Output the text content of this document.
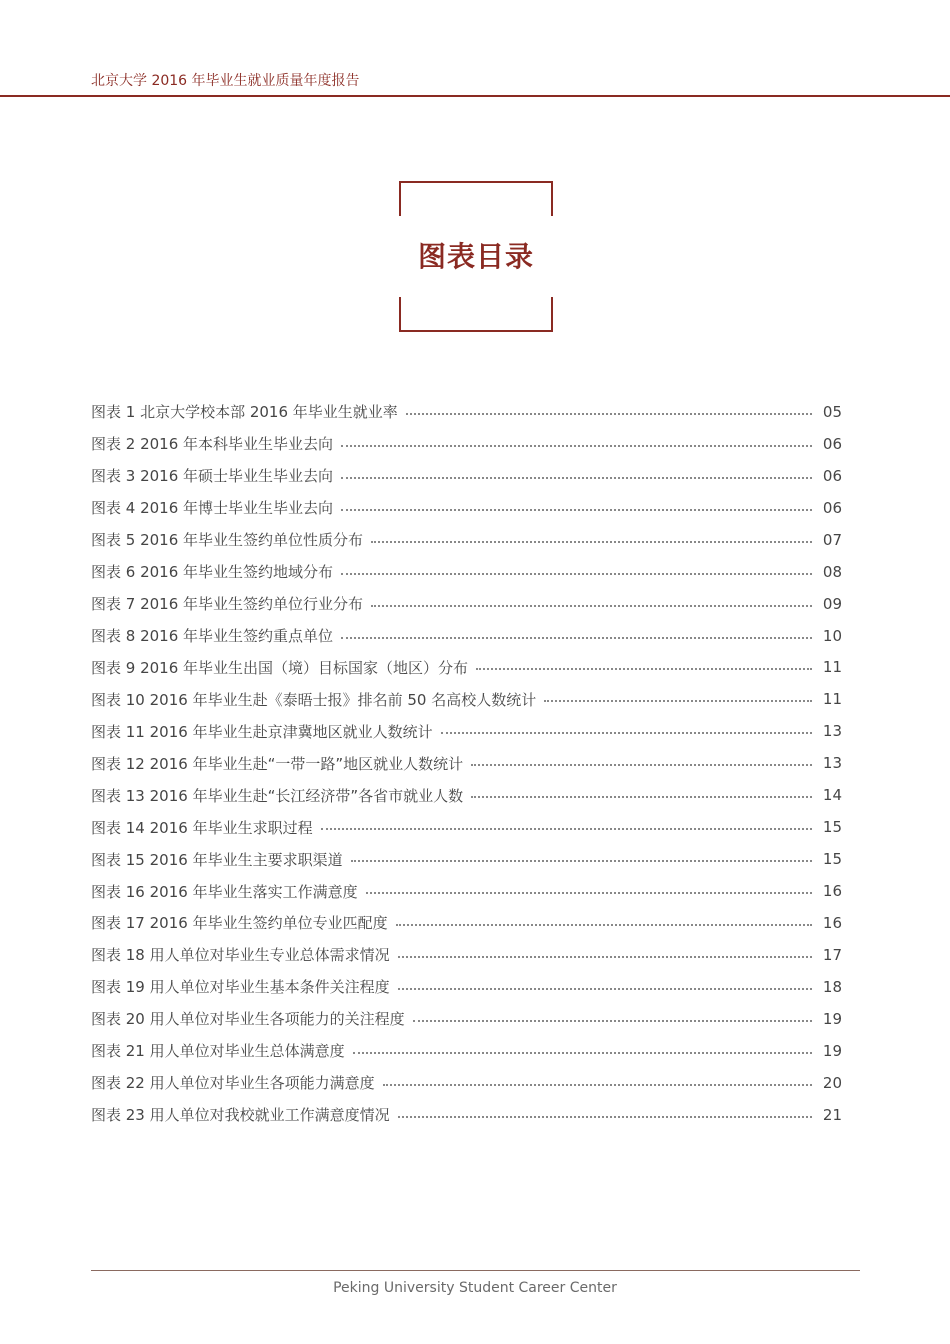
北京大学 2016 年毕业生就业质量年度报告
图表目录
图表 1 北京大学校本部 2016 年毕业生就业率	05
图表 2 2016 年本科毕业生毕业去向	06
图表 3 2016 年硕士毕业生毕业去向	06
图表 4 2016 年博士毕业生毕业去向	06
图表 5 2016 年毕业生签约单位性质分布	07
图表 6 2016 年毕业生签约地域分布	08
图表 7 2016 年毕业生签约单位行业分布	09
图表 8 2016 年毕业生签约重点单位	10
图表 9 2016 年毕业生出国（境）目标国家（地区）分布	11
图表 10 2016 年毕业生赴《泰晤士报》排名前 50 名高校人数统计	11
图表 11 2016 年毕业生赴京津冀地区就业人数统计	13
图表 12 2016 年毕业生赴“一带一路”地区就业人数统计	13
图表 13 2016 年毕业生赴“长江经济带”各省市就业人数	14
图表 14 2016 年毕业生求职过程	15
图表 15 2016 年毕业生主要求职渠道	15
图表 16 2016 年毕业生落实工作满意度	16
图表 17 2016 年毕业生签约单位专业匹配度	16
图表 18 用人单位对毕业生专业总体需求情况	17
图表 19 用人单位对毕业生基本条件关注程度	18
图表 20 用人单位对毕业生各项能力的关注程度	19
图表 21 用人单位对毕业生总体满意度	19
图表 22 用人单位对毕业生各项能力满意度	20
图表 23 用人单位对我校就业工作满意度情况	21
Peking University Student Career Center
